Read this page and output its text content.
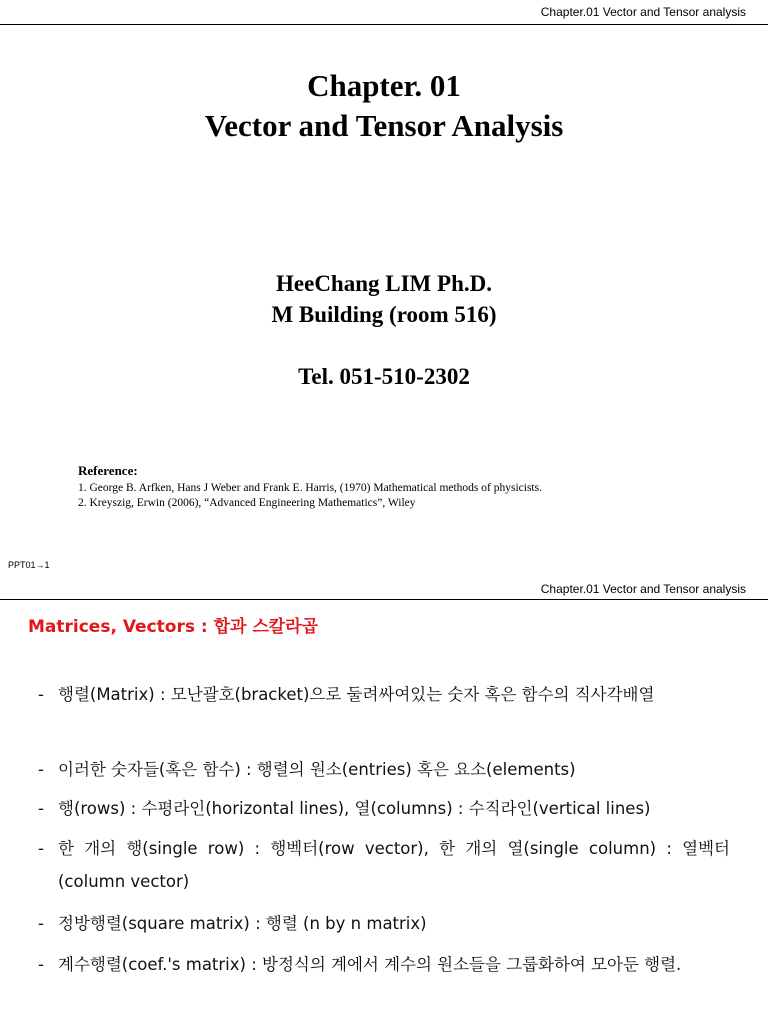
Chapter.01 Vector and Tensor analysis
Chapter. 01
Vector and Tensor Analysis
HeeChang LIM Ph.D.
M Building (room 516)
Tel. 051-510-2302
Reference:
1. George B. Arfken, Hans J Weber and Frank E. Harris, (1970) Mathematical methods of physicists.
2. Kreyszig, Erwin (2006), “Advanced Engineering Mathematics”, Wiley
PPT01→1
Chapter.01 Vector and Tensor analysis
Matrices, Vectors : 합과 스칼라곱
- 행렬(Matrix) : 모난괄호(bracket)으로 둘려싸여있는 숫자 혹은 함수의 직사각배열
- 이러한 숫자들(혹은 함수) : 행렬의 원소(entries) 혹은 요소(elements)
- 행(rows) : 수평라인(horizontal lines), 열(columns) : 수직라인(vertical lines)
- 한 개의 행(single row) : 행벡터(row vector), 한 개의 열(single column) : 열벡터(column vector)
- 정방행렬(square matrix) : 행렬 (n by n matrix)
- 계수행렬(coef.'s matrix) : 방정식의 계에서 계수의 원소들을 그룹화하여 모아둔 행렬.
